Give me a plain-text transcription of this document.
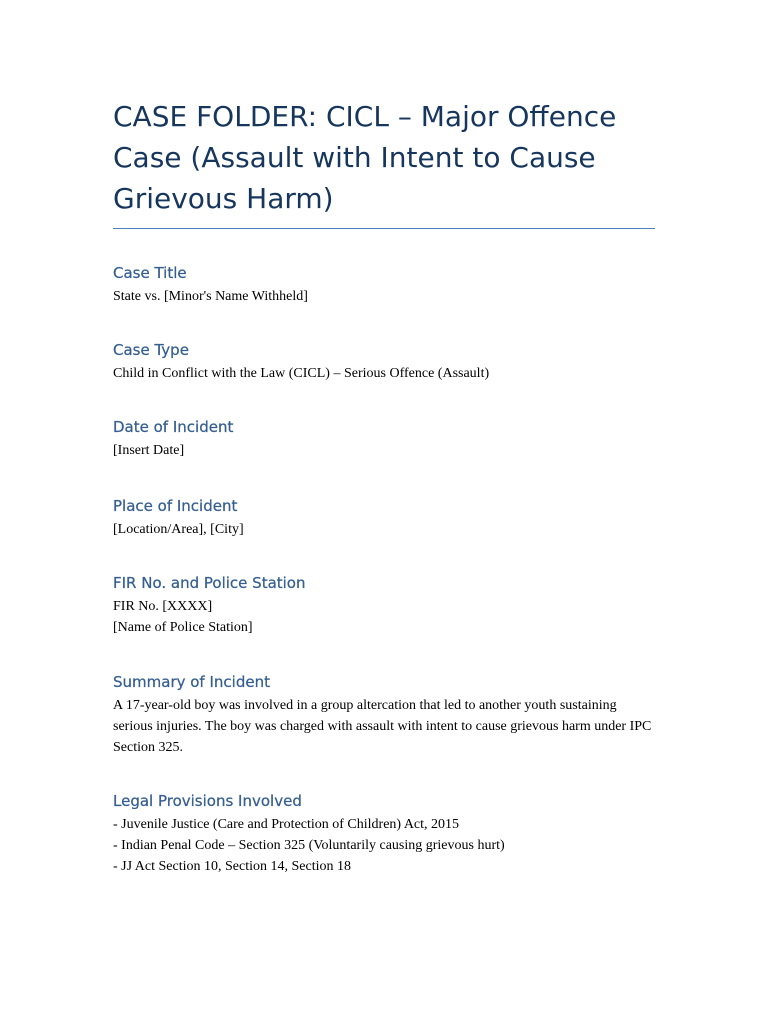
CASE FOLDER: CICL – Major Offence Case (Assault with Intent to Cause Grievous Harm)
Case Title

State vs. [Minor's Name Withheld]

Case Type

Child in Conflict with the Law (CICL) – Serious Offence (Assault)

Date of Incident

[Insert Date]

Place of Incident

[Location/Area], [City]

FIR No. and Police Station

FIR No. [XXXX]

[Name of Police Station]

Summary of Incident

A 17-year-old boy was involved in a group altercation that led to another youth sustaining serious injuries. The boy was charged with assault with intent to cause grievous harm under IPC Section 325.

Legal Provisions Involved

- Juvenile Justice (Care and Protection of Children) Act, 2015

- Indian Penal Code – Section 325 (Voluntarily causing grievous hurt)

- JJ Act Section 10, Section 14, Section 18
